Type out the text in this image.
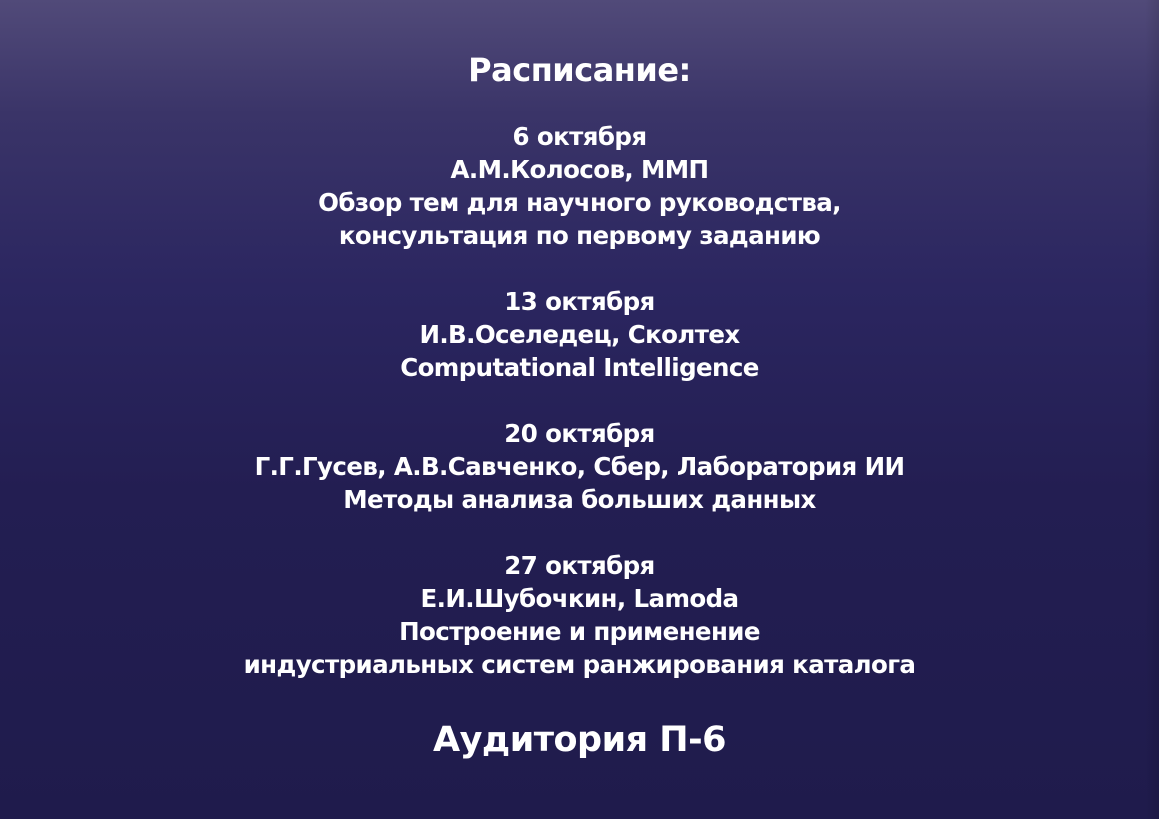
Расписание:
6 октября
А.М.Колосов, ММП
Обзор тем для научного руководства,
консультация по первому заданию
13 октября
И.В.Оселедец, Сколтех
Computational Intelligence
20 октября
Г.Г.Гусев, А.В.Савченко, Сбер, Лаборатория ИИ
Методы анализа больших данных
27 октября
Е.И.Шубочкин, Lamoda
Построение и применение
индустриальных систем ранжирования каталога
Аудитория П-6
